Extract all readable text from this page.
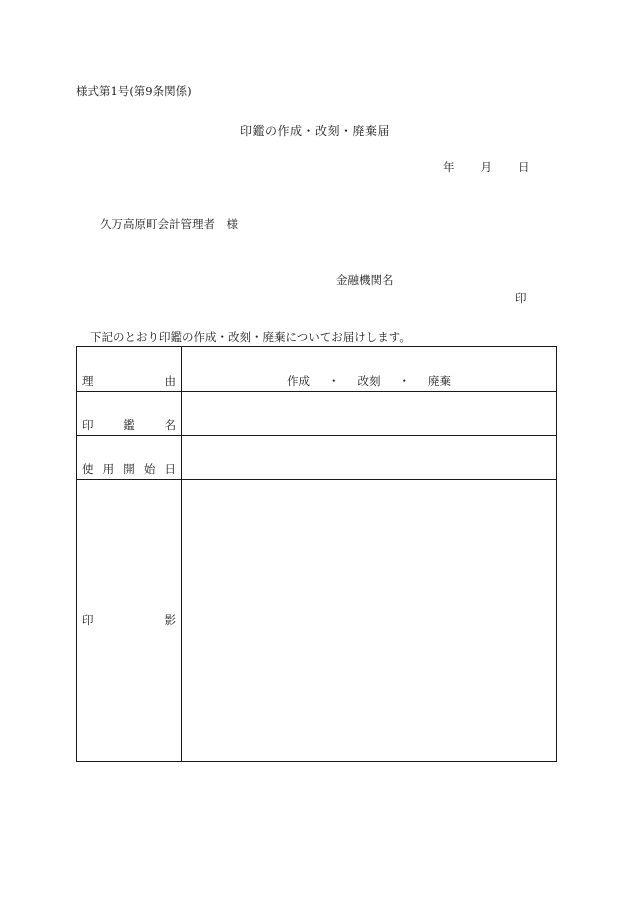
様式第1号(第9条関係)
印鑑の作成・改刻・廃棄届
年 月 日
久万高原町会計管理者　様
金融機関名
印
下記のとおり印鑑の作成・改刻・廃棄についてお届けします。
理 由	作成 ・ 改刻 ・ 廃棄

印 鑑 名	

使 用 開 始 日	

印 影	
